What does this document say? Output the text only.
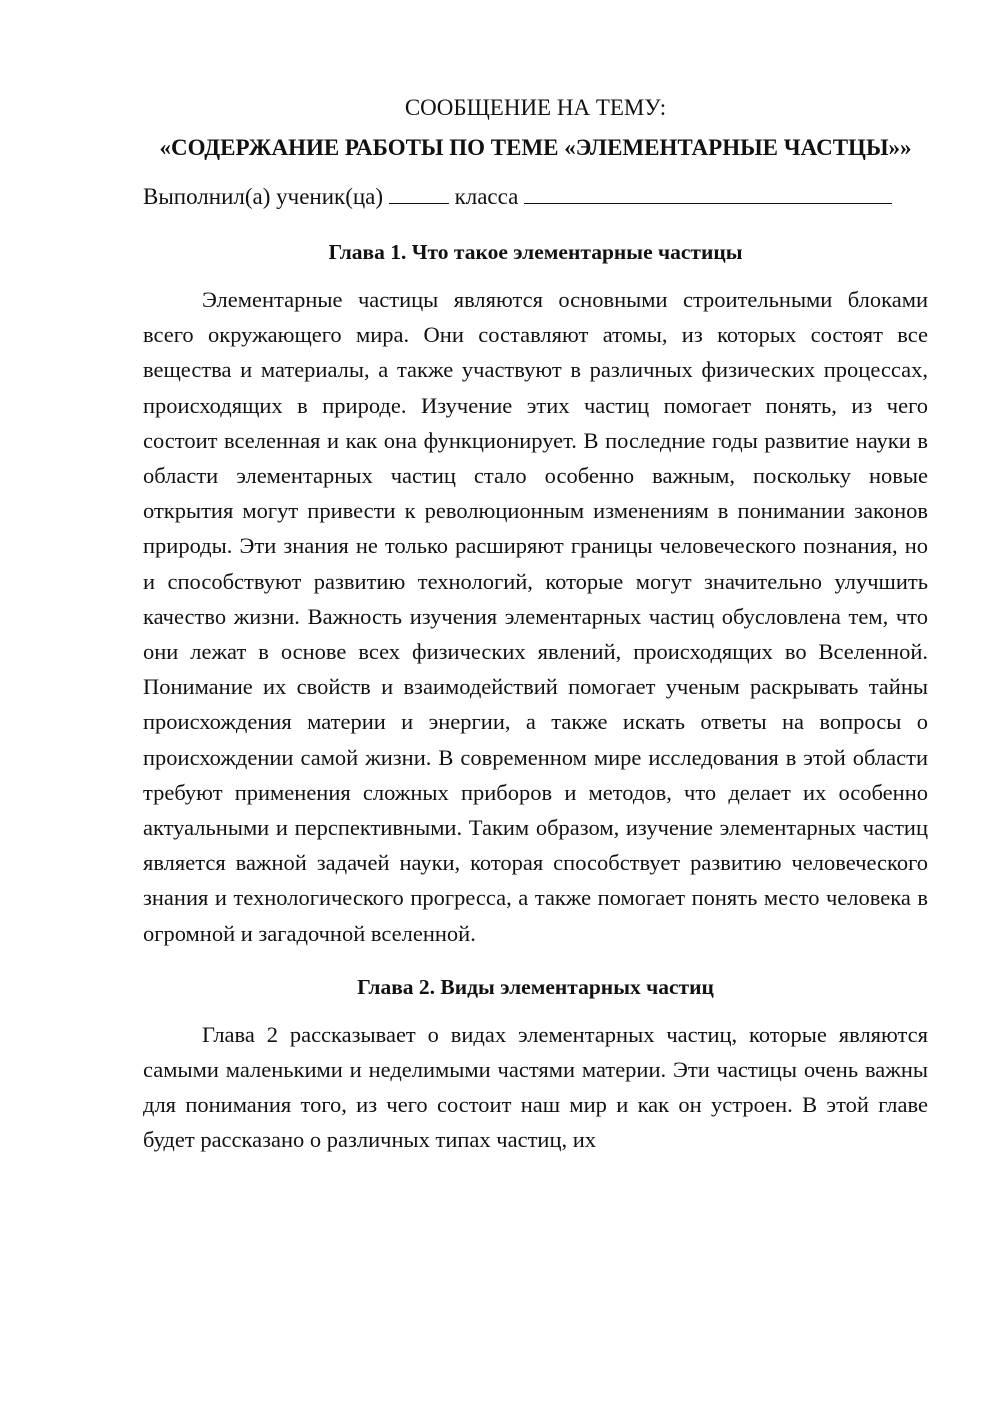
СООБЩЕНИЕ НА ТЕМУ:

«СОДЕРЖАНИЕ РАБОТЫ ПО ТЕМЕ «ЭЛЕМЕНТАРНЫЕ ЧАСТЦЫ»»

Выполнил(а) ученик(ца)	класса

Глава 1. Что такое элементарные частицы

Элементарные частицы являются основными строительными блоками всего окружающего мира. Они составляют атомы, из которых состоят все вещества и материалы, а также участвуют в различных физических процессах, происходящих в природе. Изучение этих частиц помогает понять, из чего состоит вселенная и как она функционирует. В последние годы развитие науки в области элементарных частиц стало особенно важным, поскольку новые открытия могут привести к революционным изменениям в понимании законов природы. Эти знания не только расширяют границы человеческого познания, но и способствуют развитию технологий, которые могут значительно улучшить качество жизни. Важность изучения элементарных частиц обусловлена тем, что они лежат в основе всех физических явлений, происходящих во Вселенной. Понимание их свойств и взаимодействий помогает ученым раскрывать тайны происхождения материи и энергии, а также искать ответы на вопросы о происхождении самой жизни. В современном мире исследования в этой области требуют применения сложных приборов и методов, что делает их особенно актуальными и перспективными. Таким образом, изучение элементарных частиц является важной задачей науки, которая способствует развитию человеческого знания и технологического прогресса, а также помогает понять место человека в огромной и загадочной вселенной.

Глава 2. Виды элементарных частиц

Глава 2 рассказывает о видах элементарных частиц, которые являются самыми маленькими и неделимыми частями материи. Эти частицы очень важны для понимания того, из чего состоит наш мир и как он устроен. В этой главе будет рассказано о различных типах частиц, их
